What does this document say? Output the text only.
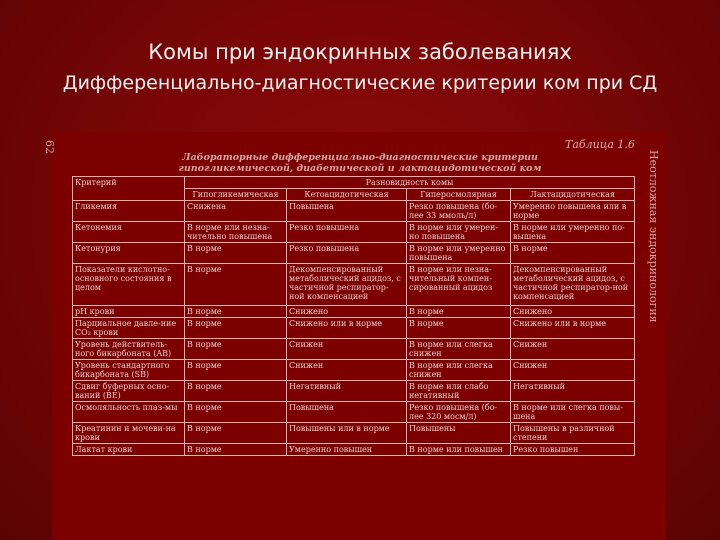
Комы при эндокринных заболеваниях
Дифференциально-диагностические критерии ком при СД
62
Неотложная эндокринология
Таблица 1.6
Лабораторные дифференциально-диагностические критерии
гипогликемической, диабетической и лактацидотической ком
Критерий	Разновидность комы			
	Гипогликемическая	Кетоацидотическая	Гиперосмолярная	Лактацидотическая
Гликемия	Снижена	Повышена	Резко повышена (бо-лее 33 ммоль/л)	Умеренно повышена или в норме
Кетонемия	В норме или незна-чительно повышена	Резко повышена	В норме или умерен-но повышена	В норме или умеренно по-вышена
Кетонурия	В норме	Резко повышена	В норме или умеренно повышена	В норме
Показатели кислотно-основного состояния в целом	В норме	Декомпенсированный метаболический ацидоз, с частичной респиратор-ной компенсацией	В норме или незна-чительный компен-сированный ацидоз	Декомпенсированный метаболический ацидоз, с частичной респиратор-ной компенсацией
pH крови	В норме	Снижено	В норме	Снижено
Парциальное давле-ние CO₂ крови	В норме	Снижено или в норме	В норме	Снижено или в норме
Уровень действитель-ного бикарбоната (AB)	В норме	Снижен	В норме или слегка снижен	Снижен
Уровень стандартного бикарбоната (SB)	В норме	Снижен	В норме или слегка снижен	Снижен
Сдвиг буферных осно-ваний (BE)	В норме	Негативный	В норме или слабо негативный	Негативный
Осмоляльность плаз-мы	В норме	Повышена	Резко повышена (бо-лее 320 мосм/л)	В норме или слегка повы-шена
Креатинин и мочеви-на крови	В норме	Повышены или в норме	Повышены	Повышены в различной степени
Лактат крови	В норме	Умеренно повышен	В норме или повышен	Резко повышен
